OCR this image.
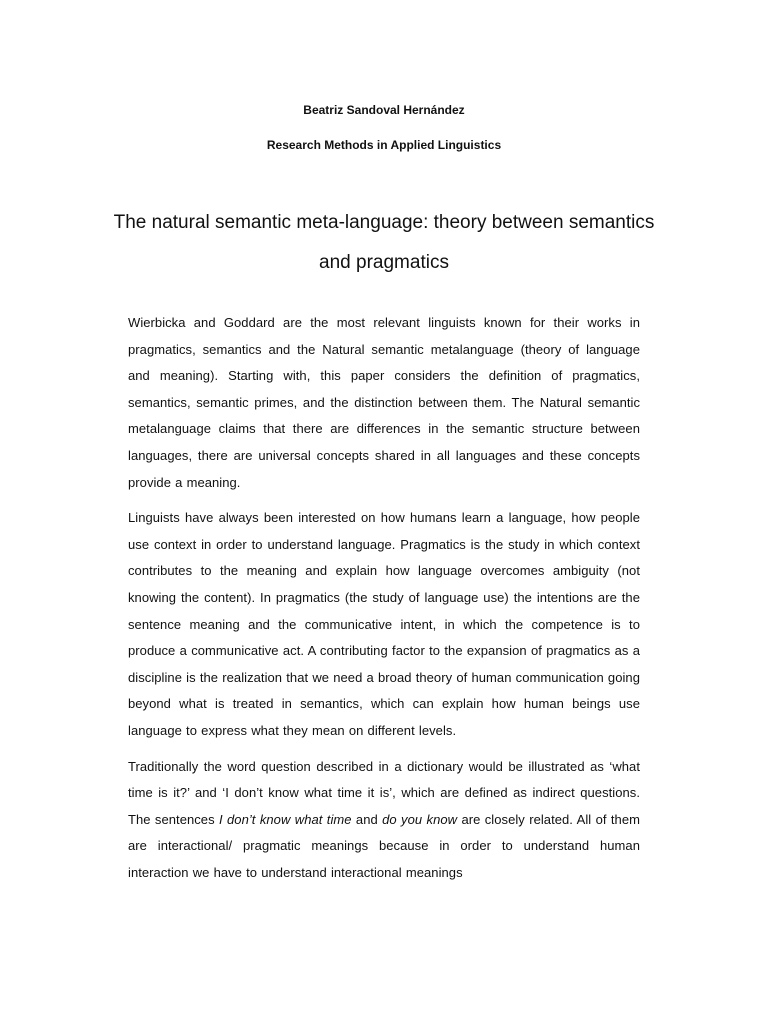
Beatriz Sandoval Hernández
Research Methods in Applied Linguistics
The natural semantic meta-language: theory between semantics and pragmatics

Wierbicka and Goddard are the most relevant linguists known for their works in pragmatics, semantics and the Natural semantic metalanguage (theory of language and meaning). Starting with, this paper considers the definition of pragmatics, semantics, semantic primes, and the distinction between them. The Natural semantic metalanguage claims that there are differences in the semantic structure between languages, there are universal concepts shared in all languages and these concepts provide a meaning.

Linguists have always been interested on how humans learn a language, how people use context in order to understand language. Pragmatics is the study in which context contributes to the meaning and explain how language overcomes ambiguity (not knowing the content). In pragmatics (the study of language use) the intentions are the sentence meaning and the communicative intent, in which the competence is to produce a communicative act. A contributing factor to the expansion of pragmatics as a discipline is the realization that we need a broad theory of human communication going beyond what is treated in semantics, which can explain how human beings use language to express what they mean on different levels.

Traditionally the word question described in a dictionary would be illustrated as ‘what time is it?’ and ‘I don’t know what time it is’, which are defined as indirect questions. The sentences I don’t know what time and do you know are closely related. All of them are interactional/ pragmatic meanings because in order to understand human interaction we have to understand interactional meanings
